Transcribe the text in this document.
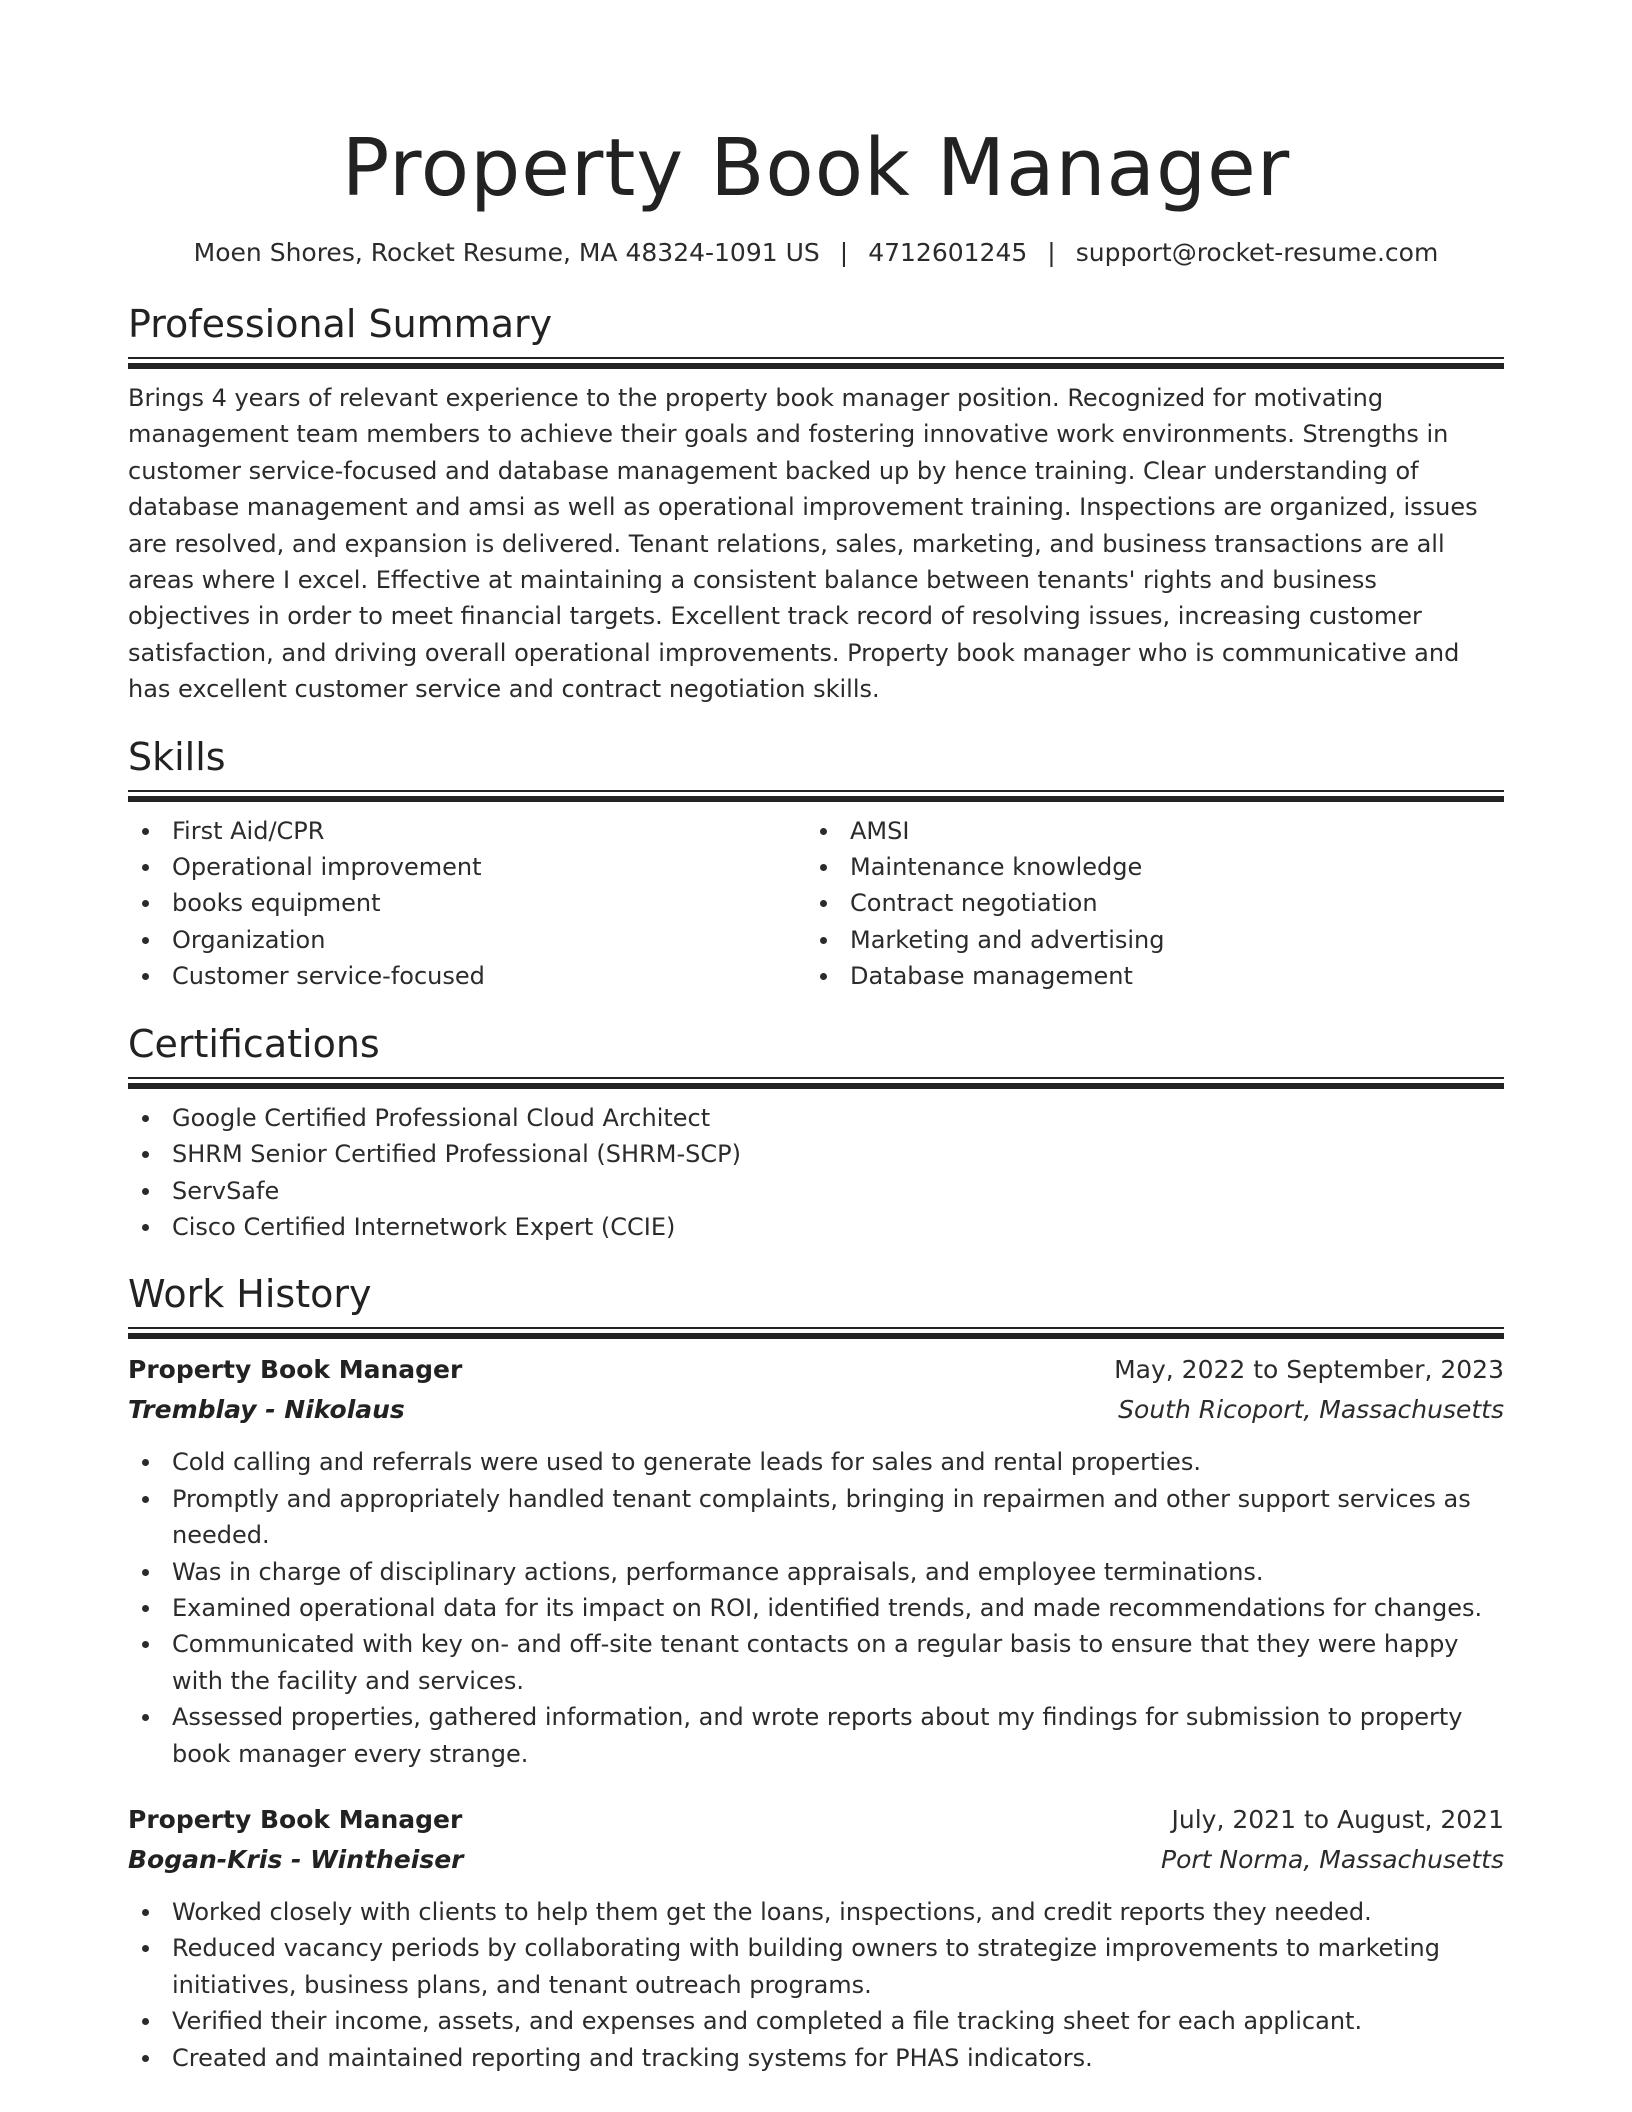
Property Book Manager
Moen Shores, Rocket Resume, MA 48324-1091 US | 4712601245 | support@rocket-resume.com
Professional Summary

Brings 4 years of relevant experience to the property book manager position. Recognized for motivating management team members to achieve their goals and fostering innovative work environments. Strengths in customer service-focused and database management backed up by hence training. Clear understanding of database management and amsi as well as operational improvement training. Inspections are organized, issues are resolved, and expansion is delivered. Tenant relations, sales, marketing, and business transactions are all areas where I excel. Effective at maintaining a consistent balance between tenants' rights and business objectives in order to meet financial targets. Excellent track record of resolving issues, increasing customer satisfaction, and driving overall operational improvements. Property book manager who is communicative and has excellent customer service and contract negotiation skills.

Skills
First Aid/CPR
Operational improvement
books equipment
Organization
Customer service-focused
AMSI
Maintenance knowledge
Contract negotiation
Marketing and advertising
Database management
Certifications
Google Certified Professional Cloud Architect
SHRM Senior Certified Professional (SHRM-SCP)
ServSafe
Cisco Certified Internetwork Expert (CCIE)
Work History
Property Book Manager	May, 2022 to September, 2023
Tremblay - Nikolaus	South Ricoport, Massachusetts
Cold calling and referrals were used to generate leads for sales and rental properties.
Promptly and appropriately handled tenant complaints, bringing in repairmen and other support services as needed.
Was in charge of disciplinary actions, performance appraisals, and employee terminations.
Examined operational data for its impact on ROI, identified trends, and made recommendations for changes.
Communicated with key on- and off-site tenant contacts on a regular basis to ensure that they were happy with the facility and services.
Assessed properties, gathered information, and wrote reports about my findings for submission to property book manager every strange.
Property Book Manager	July, 2021 to August, 2021
Bogan-Kris - Wintheiser	Port Norma, Massachusetts
Worked closely with clients to help them get the loans, inspections, and credit reports they needed.
Reduced vacancy periods by collaborating with building owners to strategize improvements to marketing initiatives, business plans, and tenant outreach programs.
Verified their income, assets, and expenses and completed a file tracking sheet for each applicant.
Created and maintained reporting and tracking systems for PHAS indicators.
